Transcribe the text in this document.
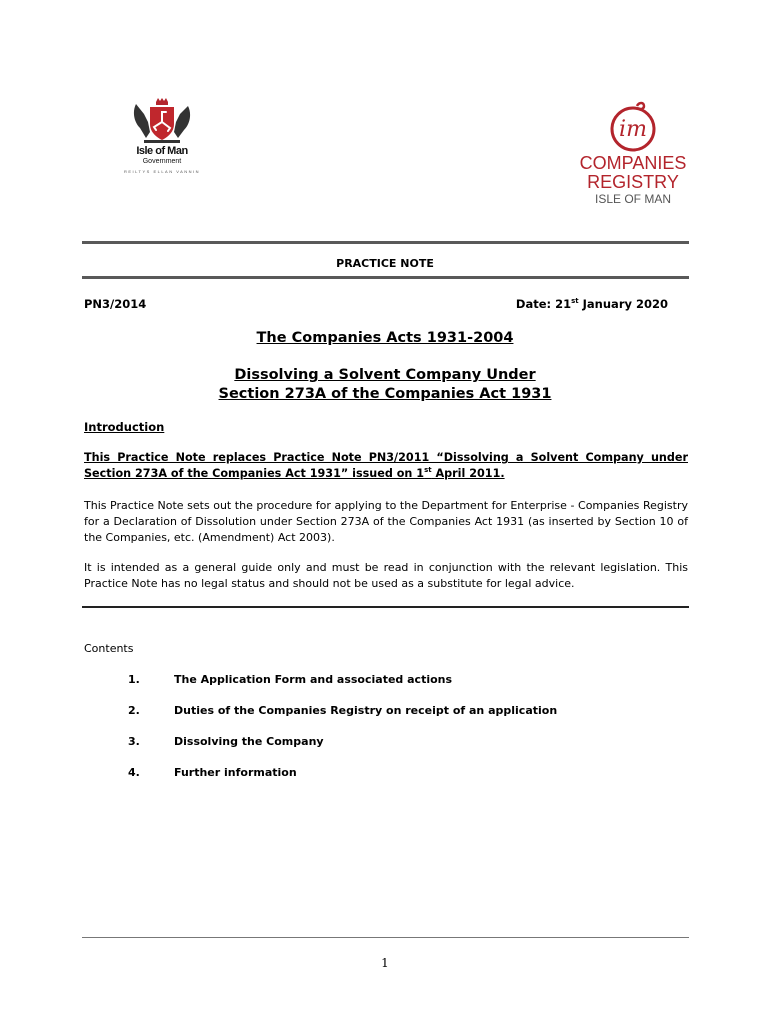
Isle of Man
Government
REILTYS ELLAN VANNIN
im
COMPANIES
REGISTRY
ISLE OF MAN
PRACTICE NOTE
PN3/2014	Date: 21st January 2020
The Companies Acts 1931-2004
Dissolving a Solvent Company Under
Section 273A of the Companies Act 1931
Introduction
This Practice Note replaces Practice Note PN3/2011 “Dissolving a Solvent Company under Section 273A of the Companies Act 1931” issued on 1st April 2011.
This Practice Note sets out the procedure for applying to the Department for Enterprise - Companies Registry for a Declaration of Dissolution under Section 273A of the Companies Act 1931 (as inserted by Section 10 of the Companies, etc. (Amendment) Act 2003).
It is intended as a general guide only and must be read in conjunction with the relevant legislation. This Practice Note has no legal status and should not be used as a substitute for legal advice.
Contents
1.	The Application Form and associated actions
2.	Duties of the Companies Registry on receipt of an application
3.	Dissolving the Company
4.	Further information
1
